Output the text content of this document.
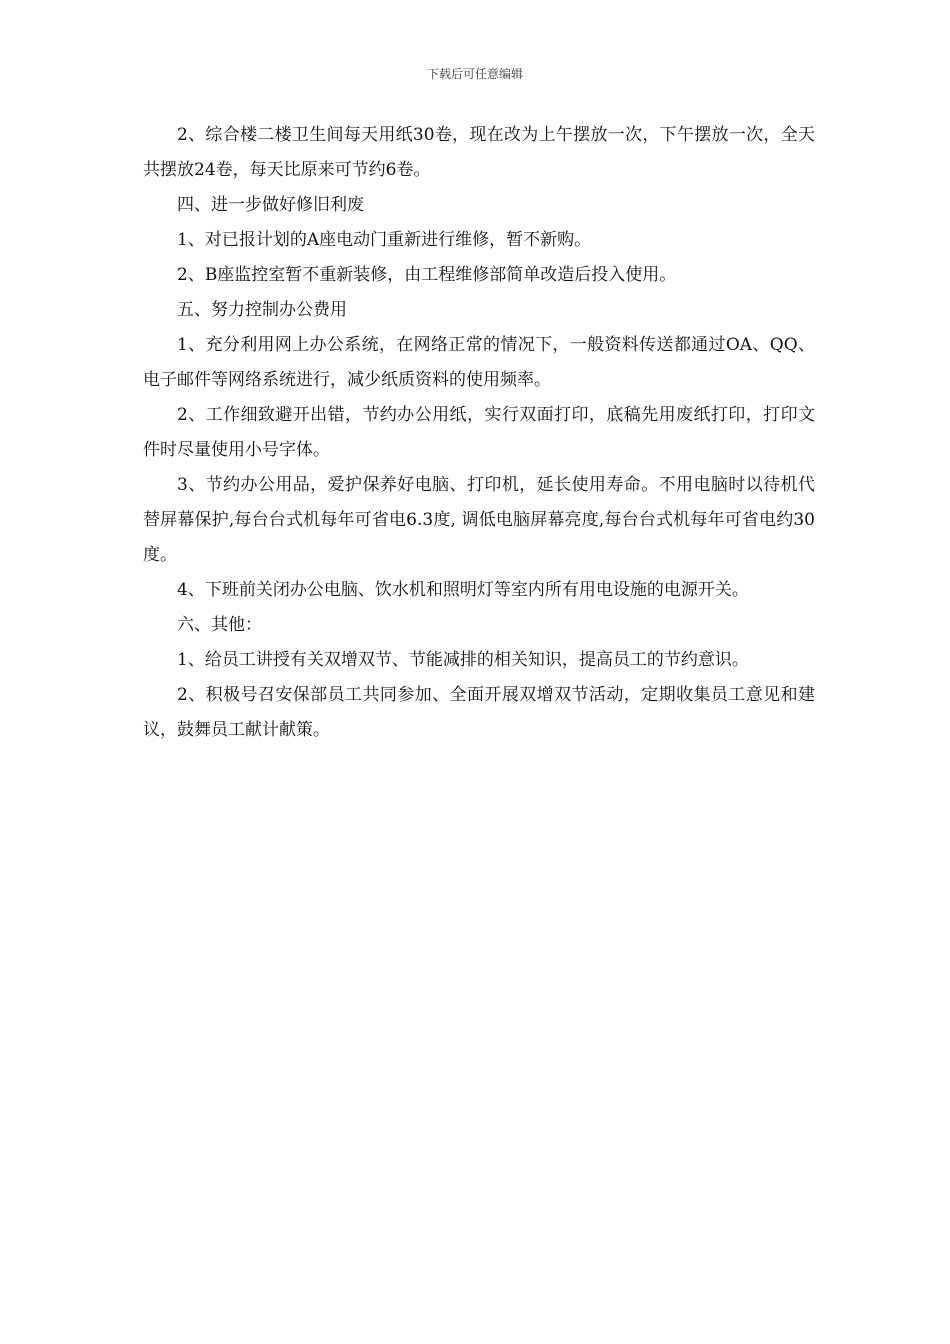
下载后可任意编辑

2、综合楼二楼卫生间每天用纸30卷，现在改为上午摆放一次，下午摆放一次，全天共摆放24卷，每天比原来可节约6卷。

四、进一步做好修旧利废

1、对已报计划的A座电动门重新进行维修，暂不新购。

2、B座监控室暂不重新装修，由工程维修部简单改造后投入使用。

五、努力控制办公费用

1、充分利用网上办公系统，在网络正常的情况下，一般资料传送都通过OA、QQ、电子邮件等网络系统进行，减少纸质资料的使用频率。

2、工作细致避开出错，节约办公用纸，实行双面打印，底稿先用废纸打印，打印文件时尽量使用小号字体。

3、节约办公用品，爱护保养好电脑、打印机，延长使用寿命。不用电脑时以待机代替屏幕保护,每台台式机每年可省电6.3度, 调低电脑屏幕亮度,每台台式机每年可省电约30度。

4、下班前关闭办公电脑、饮水机和照明灯等室内所有用电设施的电源开关。

六、其他：

1、给员工讲授有关双增双节、节能减排的相关知识，提高员工的节约意识。

2、积极号召安保部员工共同参加、全面开展双增双节活动，定期收集员工意见和建议，鼓舞员工献计献策。
